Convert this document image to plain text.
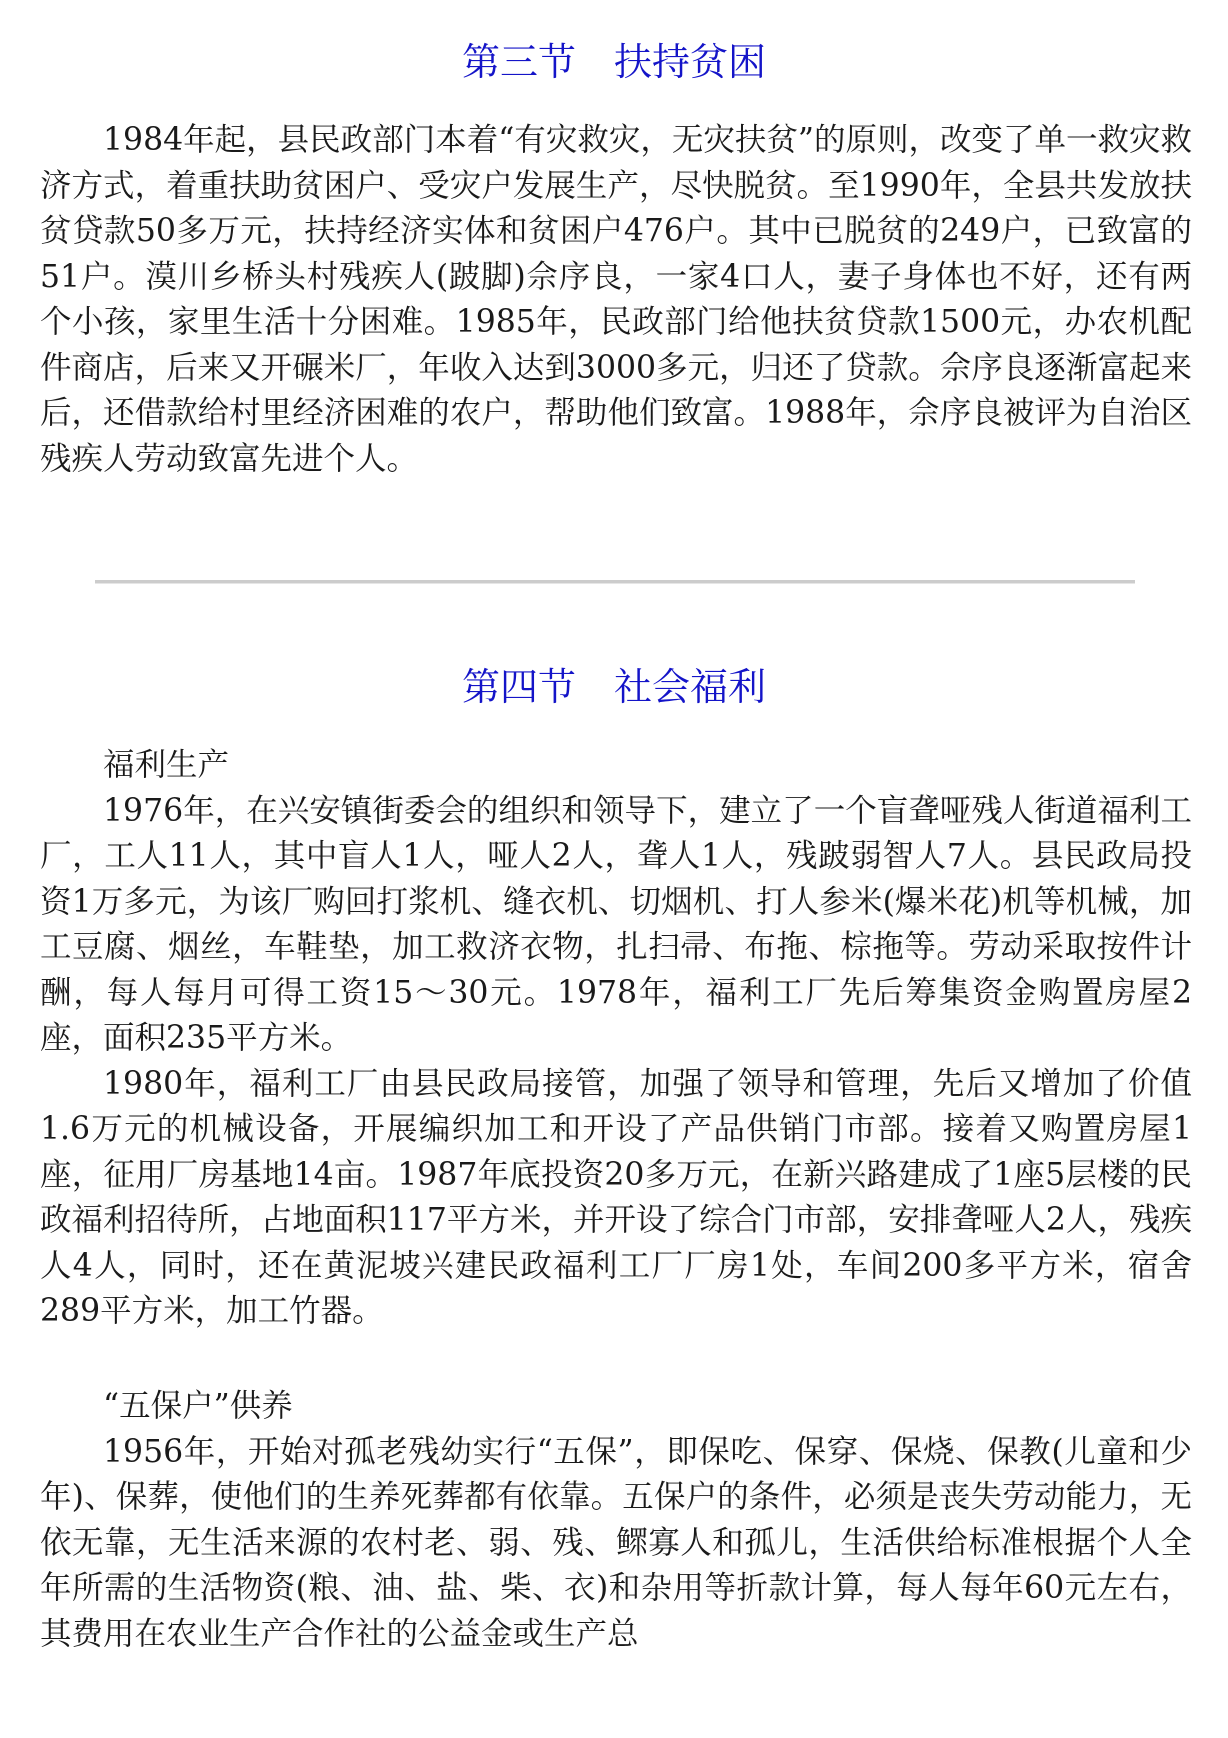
第三节　扶持贫困

1984年起，县民政部门本着“有灾救灾，无灾扶贫”的原则，改变了单一救灾救济方式，着重扶助贫困户、受灾户发展生产，尽快脱贫。至1990年，全县共发放扶贫贷款50多万元，扶持经济实体和贫困户476户。其中已脱贫的249户，已致富的51户。漠川乡桥头村残疾人(跛脚)佘序良，一家4口人，妻子身体也不好，还有两个小孩，家里生活十分困难。1985年，民政部门给他扶贫贷款1500元，办农机配件商店，后来又开碾米厂，年收入达到3000多元，归还了贷款。佘序良逐渐富起来后，还借款给村里经济困难的农户，帮助他们致富。1988年，佘序良被评为自治区残疾人劳动致富先进个人。

第四节　社会福利
福利生产

1976年，在兴安镇街委会的组织和领导下，建立了一个盲聋哑残人街道福利工厂，工人11人，其中盲人1人，哑人2人，聋人1人，残跛弱智人7人。县民政局投资1万多元，为该厂购回打浆机、缝衣机、切烟机、打人参米(爆米花)机等机械，加工豆腐、烟丝，车鞋垫，加工救济衣物，扎扫帚、布拖、棕拖等。劳动采取按件计酬，每人每月可得工资15～30元。1978年，福利工厂先后筹集资金购置房屋2座，面积235平方米。

1980年，福利工厂由县民政局接管，加强了领导和管理，先后又增加了价值1.6万元的机械设备，开展编织加工和开设了产品供销门市部。接着又购置房屋1座，征用厂房基地14亩。1987年底投资20多万元，在新兴路建成了1座5层楼的民政福利招待所，占地面积117平方米，并开设了综合门市部，安排聋哑人2人，残疾人4人，同时，还在黄泥坡兴建民政福利工厂厂房1处，车间200多平方米，宿舍289平方米，加工竹器。

“五保户”供养

1956年，开始对孤老残幼实行“五保”，即保吃、保穿、保烧、保教(儿童和少年)、保葬，使他们的生养死葬都有依靠。五保户的条件，必须是丧失劳动能力，无依无靠，无生活来源的农村老、弱、残、鳏寡人和孤儿，生活供给标准根据个人全年所需的生活物资(粮、油、盐、柴、衣)和杂用等折款计算，每人每年60元左右，其费用在农业生产合作社的公益金或生产总
